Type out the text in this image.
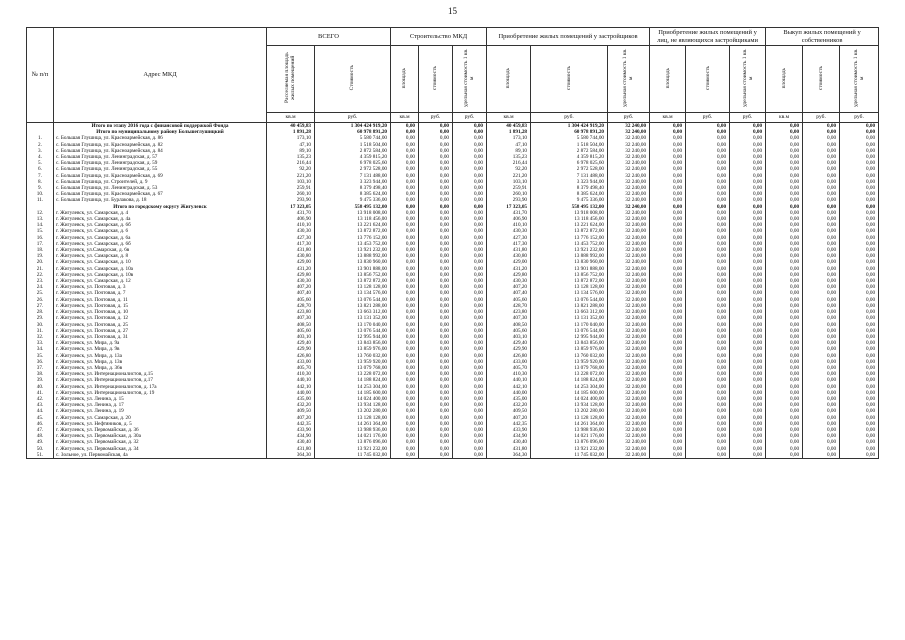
15
№ п/п	Адрес МКД	ВСЕГО		Строительство МКД			Приобретение жилых помещений у застройщиков			Приобретение жилых помещений у лиц, не являющихся застройщиками			Выкуп жилых помещений у собственников		
		Расселяемая площадь жилых помещений	Стоимость	площадь	стоимость	удельная стоимость 1 кв. м	площадь	стоимость	удельная стоимость 1 кв. м	площадь	стоимость	удельная стоимость 1 кв. м	площадь	стоимость	удельная стоимость 1 кв. м
		кв.м	руб.	кв.м	руб.	руб.	кв.м	руб.	руб.	кв.м	руб.	руб.	кв.м	руб.	руб.
	Итого по этапу 2016 года с финансовой поддержкой Фонда	40 459,83	1 304 424 919,20	0,00	0,00	0,00	40 459,83	1 304 424 919,20	32 240,00	0,00	0,00	0,00	0,00	0,00	0,00
	Итого по муниципальному району Большеглушицкий	1 891,28	60 978 891,20	0,00	0,00	0,00	1 891,28	60 978 891,20	32 240,00	0,00	0,00	0,00	0,00	0,00	0,00
1.	с. Большая Глушица, ул. Красноармейская, д. 86	173,10	5 580 744,00	0,00	0,00	0,00	173,10	5 580 744,00	32 240,00	0,00	0,00	0,00	0,00	0,00	0,00
2.	с. Большая Глушица, ул. Красноармейская, д. 82	47,10	1 518 504,00	0,00	0,00	0,00	47,10	1 518 504,00	32 240,00	0,00	0,00	0,00	0,00	0,00	0,00
3.	с. Большая Глушица, ул. Красноармейская, д. 84	89,10	2 872 584,00	0,00	0,00	0,00	89,10	2 872 584,00	32 240,00	0,00	0,00	0,00	0,00	0,00	0,00
4.	с. Большая Глушица, ул. Ленинградская, д. 57	135,23	4 359 815,20	0,00	0,00	0,00	135,23	4 359 815,20	32 240,00	0,00	0,00	0,00	0,00	0,00	0,00
5.	с. Большая Глушица, ул. Ленинградская, д. 59	216,44	6 978 025,60	0,00	0,00	0,00	216,44	6 978 025,60	32 240,00	0,00	0,00	0,00	0,00	0,00	0,00
6.	с. Большая Глушица, ул. Ленинградская, д. 55	92,20	2 972 528,00	0,00	0,00	0,00	92,20	2 972 528,00	32 240,00	0,00	0,00	0,00	0,00	0,00	0,00
7.	с. Большая Глушица, ул. Красноармейская, д. 69	221,20	7 131 488,00	0,00	0,00	0,00	221,20	7 131 488,00	32 240,00	0,00	0,00	0,00	0,00	0,00	0,00
8.	с. Большая Глушица, ул. Строителей, д. 9	103,10	3 323 944,00	0,00	0,00	0,00	103,10	3 323 944,00	32 240,00	0,00	0,00	0,00	0,00	0,00	0,00
9.	с. Большая Глушица, ул. Ленинградская, д. 53	259,91	8 379 498,40	0,00	0,00	0,00	259,91	8 379 498,40	32 240,00	0,00	0,00	0,00	0,00	0,00	0,00
10.	с. Большая Глушица, ул. Красноармейская, д. 67	260,10	8 385 624,00	0,00	0,00	0,00	260,10	8 385 624,00	32 240,00	0,00	0,00	0,00	0,00	0,00	0,00
11.	с. Большая Глушица, ул. Бурлакова, д. 18	293,90	9 475 336,00	0,00	0,00	0,00	293,90	9 475 336,00	32 240,00	0,00	0,00	0,00	0,00	0,00	0,00
	Итого по городскому округу Жигулевск	17 323,05	558 495 132,00	0,00	0,00	0,00	17 323,05	558 495 132,00	32 240,00	0,00	0,00	0,00	0,00	0,00	0,00
12.	г. Жигулевск, ул. Самарская, д. 4	431,70	13 918 008,00	0,00	0,00	0,00	431,70	13 918 008,00	32 240,00	0,00	0,00	0,00	0,00	0,00	0,00
13.	г. Жигулевск, ул. Самарская, д. 4а	406,90	13 118 456,00	0,00	0,00	0,00	406,90	13 118 456,00	32 240,00	0,00	0,00	0,00	0,00	0,00	0,00
14.	г. Жигулевск, ул. Самарская, д. 6б	410,10	13 221 624,00	0,00	0,00	0,00	410,10	13 221 624,00	32 240,00	0,00	0,00	0,00	0,00	0,00	0,00
15.	г. Жигулевск, ул. Самарская, д. 6	430,30	13 872 872,00	0,00	0,00	0,00	430,30	13 872 872,00	32 240,00	0,00	0,00	0,00	0,00	0,00	0,00
16.	г. Жигулевск, ул. Самарская, д. 6а	427,30	13 776 152,00	0,00	0,00	0,00	427,30	13 776 152,00	32 240,00	0,00	0,00	0,00	0,00	0,00	0,00
17.	г. Жигулевск, ул. Самарская, д. 6б	417,30	13 453 752,00	0,00	0,00	0,00	417,30	13 453 752,00	32 240,00	0,00	0,00	0,00	0,00	0,00	0,00
18.	г. Жигулевск, ул.Самарская, д. 6в	431,80	13 921 232,00	0,00	0,00	0,00	431,80	13 921 232,00	32 240,00	0,00	0,00	0,00	0,00	0,00	0,00
19.	г. Жигулевск, ул. Самарская, д. 8	430,80	13 888 992,00	0,00	0,00	0,00	430,80	13 888 992,00	32 240,00	0,00	0,00	0,00	0,00	0,00	0,00
20.	г. Жигулевск, ул. Самарская, д. 10	429,00	13 830 960,00	0,00	0,00	0,00	429,00	13 830 960,00	32 240,00	0,00	0,00	0,00	0,00	0,00	0,00
21.	г. Жигулевск, ул. Самарская, д. 10а	431,20	13 901 888,00	0,00	0,00	0,00	431,20	13 901 888,00	32 240,00	0,00	0,00	0,00	0,00	0,00	0,00
22.	г. Жигулевск, ул. Самарская, д. 10в	429,80	13 856 752,00	0,00	0,00	0,00	429,80	13 856 752,00	32 240,00	0,00	0,00	0,00	0,00	0,00	0,00
23.	г. Жигулевск, ул. Самарская, д. 12	430,30	13 872 872,00	0,00	0,00	0,00	430,30	13 872 872,00	32 240,00	0,00	0,00	0,00	0,00	0,00	0,00
24.	г. Жигулевск, ул. Почтовая, д. 3	407,20	13 128 128,00	0,00	0,00	0,00	407,20	13 128 128,00	32 240,00	0,00	0,00	0,00	0,00	0,00	0,00
25.	г. Жигулевск, ул. Почтовая, д. 7	407,40	13 134 576,00	0,00	0,00	0,00	407,40	13 134 576,00	32 240,00	0,00	0,00	0,00	0,00	0,00	0,00
26.	г. Жигулевск, ул. Почтовая, д. 11	405,60	13 076 544,00	0,00	0,00	0,00	405,60	13 076 544,00	32 240,00	0,00	0,00	0,00	0,00	0,00	0,00
27.	г. Жигулевск, ул. Почтовая, д. 15	428,70	13 821 288,00	0,00	0,00	0,00	428,70	13 821 288,00	32 240,00	0,00	0,00	0,00	0,00	0,00	0,00
28.	г. Жигулевск, ул. Почтовая, д. 10	423,80	13 663 312,00	0,00	0,00	0,00	423,80	13 663 312,00	32 240,00	0,00	0,00	0,00	0,00	0,00	0,00
29.	г. Жигулевск, ул. Почтовая, д. 12	407,30	13 131 352,00	0,00	0,00	0,00	407,30	13 131 352,00	32 240,00	0,00	0,00	0,00	0,00	0,00	0,00
30.	г. Жигулевск, ул. Почтовая, д. 25	408,50	13 170 040,00	0,00	0,00	0,00	408,50	13 170 040,00	32 240,00	0,00	0,00	0,00	0,00	0,00	0,00
31.	г. Жигулевск, ул. Почтовая, д. 27	405,60	13 076 544,00	0,00	0,00	0,00	405,60	13 076 544,00	32 240,00	0,00	0,00	0,00	0,00	0,00	0,00
32.	г. Жигулевск, ул. Почтовая, д. 31	403,10	12 995 944,00	0,00	0,00	0,00	403,10	12 995 944,00	32 240,00	0,00	0,00	0,00	0,00	0,00	0,00
33.	г. Жигулевск, ул. Мира, д. 9а	429,40	13 843 856,00	0,00	0,00	0,00	429,40	13 843 856,00	32 240,00	0,00	0,00	0,00	0,00	0,00	0,00
34.	г. Жигулевск, ул. Мира, д. 9в	429,90	13 859 976,00	0,00	0,00	0,00	429,90	13 859 976,00	32 240,00	0,00	0,00	0,00	0,00	0,00	0,00
35.	г. Жигулевск, ул. Мира, д. 13а	426,80	13 760 032,00	0,00	0,00	0,00	426,80	13 760 032,00	32 240,00	0,00	0,00	0,00	0,00	0,00	0,00
36.	г. Жигулевск, ул. Мира, д. 13в	433,00	13 959 920,00	0,00	0,00	0,00	433,00	13 959 920,00	32 240,00	0,00	0,00	0,00	0,00	0,00	0,00
37.	г. Жигулевск, ул. Мира, д. 36в	405,70	13 079 768,00	0,00	0,00	0,00	405,70	13 079 768,00	32 240,00	0,00	0,00	0,00	0,00	0,00	0,00
38.	г. Жигулевск, ул. Интернационалистов, д.15	410,30	13 228 072,00	0,00	0,00	0,00	410,30	13 228 072,00	32 240,00	0,00	0,00	0,00	0,00	0,00	0,00
39.	г. Жигулевск, ул. Интернационалистов, д.17	440,10	14 188 824,00	0,00	0,00	0,00	440,10	14 188 824,00	32 240,00	0,00	0,00	0,00	0,00	0,00	0,00
40.	г. Жигулевск, ул. Интернационалистов, д. 17а	442,10	14 253 304,00	0,00	0,00	0,00	442,10	14 253 304,00	32 240,00	0,00	0,00	0,00	0,00	0,00	0,00
41.	г. Жигулевск, ул. Интернационалистов, д. 19	440,00	14 185 600,00	0,00	0,00	0,00	440,00	14 185 600,00	32 240,00	0,00	0,00	0,00	0,00	0,00	0,00
42.	г. Жигулевск, ул. Ленина, д. 15	435,00	14 024 400,00	0,00	0,00	0,00	435,00	14 024 400,00	32 240,00	0,00	0,00	0,00	0,00	0,00	0,00
43.	г. Жигулевск, ул. Ленина, д. 17	432,20	13 934 128,00	0,00	0,00	0,00	432,20	13 934 128,00	32 240,00	0,00	0,00	0,00	0,00	0,00	0,00
44.	г. Жигулевск, ул. Ленина, д. 19	409,50	13 202 280,00	0,00	0,00	0,00	409,50	13 202 280,00	32 240,00	0,00	0,00	0,00	0,00	0,00	0,00
45.	г. Жигулевск, ул. Самарская, д. 20	407,20	13 128 128,00	0,00	0,00	0,00	407,20	13 128 128,00	32 240,00	0,00	0,00	0,00	0,00	0,00	0,00
46.	г. Жигулевск, ул. Нефтяников, д. 5	442,35	14 261 364,00	0,00	0,00	0,00	442,35	14 261 364,00	32 240,00	0,00	0,00	0,00	0,00	0,00	0,00
47.	г. Жигулевск, ул. Первомайская, д. 36	433,90	13 988 936,00	0,00	0,00	0,00	433,90	13 988 936,00	32 240,00	0,00	0,00	0,00	0,00	0,00	0,00
48.	г. Жигулевск, ул. Первомайская, д. 30а	434,90	14 021 176,00	0,00	0,00	0,00	434,90	14 021 176,00	32 240,00	0,00	0,00	0,00	0,00	0,00	0,00
49.	г. Жигулевск, ул. Первомайская, д. 32	430,40	13 876 096,00	0,00	0,00	0,00	430,40	13 876 096,00	32 240,00	0,00	0,00	0,00	0,00	0,00	0,00
50.	г. Жигулевск, ул. Первомайская, д. 34	431,80	13 921 232,00	0,00	0,00	0,00	431,80	13 921 232,00	32 240,00	0,00	0,00	0,00	0,00	0,00	0,00
51.	с. Зольное, ул. Первомайская, 4а	364,30	11 745 032,00	0,00	0,00	0,00	364,30	11 745 032,00	32 240,00	0,00	0,00	0,00	0,00	0,00	0,00
